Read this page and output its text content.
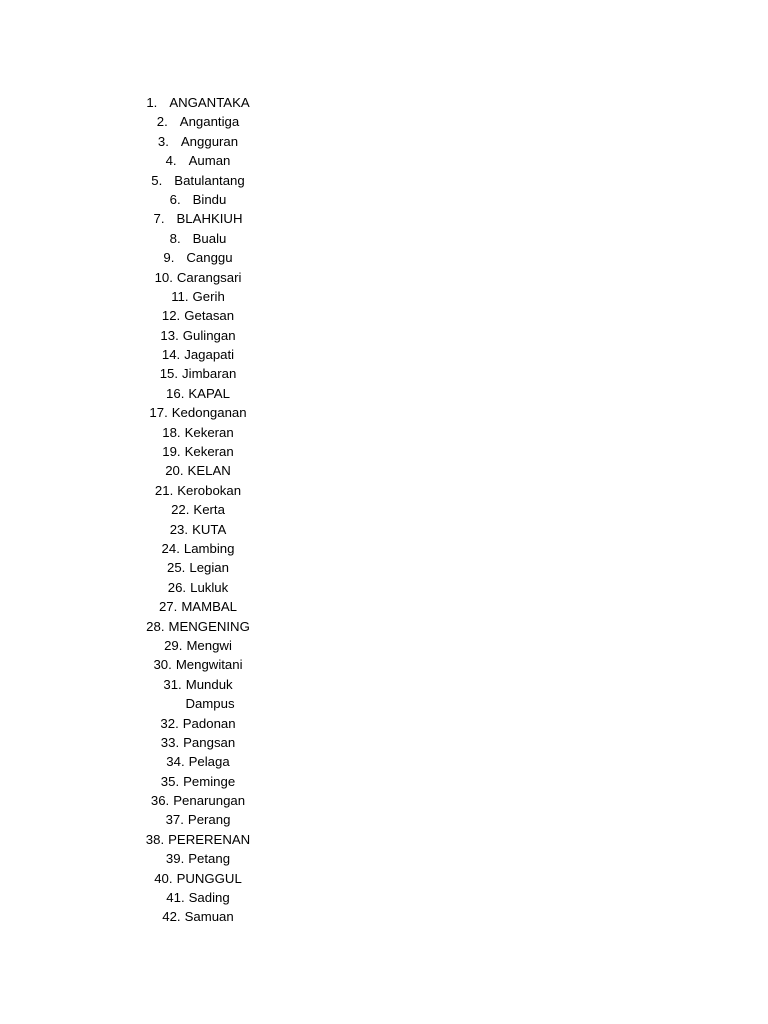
1. ANGANTAKA
2. Angantiga
3. Angguran
4. Auman
5. Batulantang
6. Bindu
7. BLAHKIUH
8. Bualu
9. Canggu
10. Carangsari
11. Gerih
12. Getasan
13. Gulingan
14. Jagapati
15. Jimbaran
16. KAPAL
17. Kedonganan
18. Kekeran
19. Kekeran
20. KELAN
21. Kerobokan
22. Kerta
23. KUTA
24. Lambing
25. Legian
26. Lukluk
27. MAMBAL
28. MENGENING
29. Mengwi
30. Mengwitani
31. Munduk
Dampus
32. Padonan
33. Pangsan
34. Pelaga
35. Peminge
36. Penarungan
37. Perang
38. PERERENAN
39. Petang
40. PUNGGUL
41. Sading
42. Samuan
